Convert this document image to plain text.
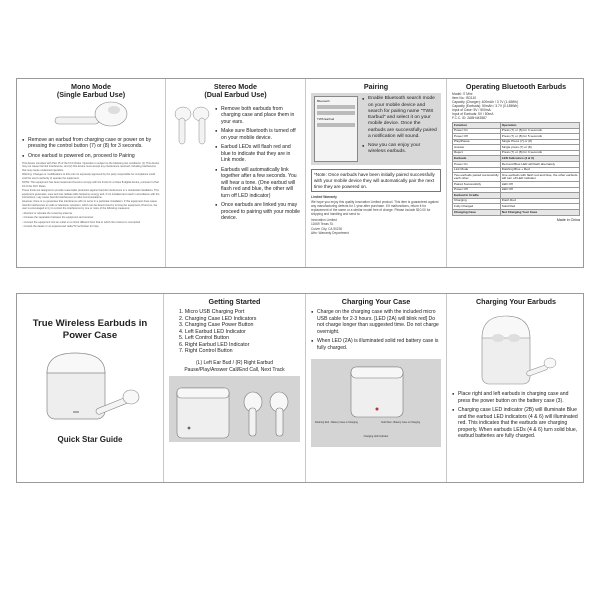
Mono Mode
(Single Earbud Use)
● Remove an earbud from charging case or power on by pressing the control button (7) or (8) for 3 seconds.
● Once earbud is powered on, proceed to Pairing

This device complies with Part 15 of the FCC Rules. Operation is subject to the following two conditions: (1) This device may not cause harmful interference, and (2) this device must accept any interference received, including interference that may cause undesired operation.

Warning: Changes or modifications to this unit not expressly approved by the party responsible for compliance could void the user's authority to operate the equipment.

NOTE: This equipment has been tested and found to comply with the limits for a Class B digital device, pursuant to Part 15 of the FCC Rules.

These limits are designed to provide reasonable protection against harmful interference in a residential installation. This equipment generates, uses and can radiate radio frequency energy and, if not installed and used in accordance with the instructions, may cause harmful interference to radio communications.

However, there is no guarantee that interference will not occur in a particular installation. If this equipment does cause harmful interference to radio or television reception, which can be determined by turning the equipment off and on, the user is encouraged to try to correct the interference by one or more of the following measures:

- Reorient or relocate the receiving antenna.

- Increase the separation between the equipment and receiver.

- Connect the equipment into an outlet on a circuit different from that to which the receiver is connected.

- Consult the dealer or an experienced radio/TV technician for help.

Stereo Mode
(Dual Earbud Use)
● Remove both earbuds from charging case and place them in your ears.
● Make sure Bluetooth is turned off on your mobile device.
● Earbud LEDs will flash red and blue to indicate that they are in Link mode.
● Earbuds will automatically link together after a few seconds. You will hear a tone. (One earbud will flash red and blue, the other will turn off LED indicator)
● Once earbuds are linked you may proceed to pairing with your mobile device.
Pairing
Bluetooth
TWS Earbud
● Enable Bluetooth search mode on your mobile device and search for pairing name "TWS Earbud" and select it on your mobile device. Once the earbuds are successfully paired a notification will sound.
● Now you can enjoy your wireless earbuds.
*Note: Once earbuds have been initially paired successfully with your mobile device they will automatically pair the next time they are powered on.
Limited Warranty
We hope you enjoy this quality Innovation Limited product. This item is guaranteed against any manufacturing defects for 1 year after purchase. If it malfunctions, return it for replacement of the same or a similar model free of charge. Please include $10.00 for shipping and handling and send to:
Innovation Limited
11669 Texas St.
Culver City, CA 90230
Attn: Warranty Department
Operating Bluetooth Earbuds
Model: i7 Mini
Item No.: BD110
Capacity (Charger): 400mAh / 3.7V (1.48Wh)
Capacity (Earbuds): 50mAh / 3.7V (0.185Wh)
Input of Case: 5V / 500mA
Input of Earbuds: 5V / 50mA
F.C.C. ID: 2ABH443587
Function	Operation
Power On	Press (7) or (8) for 3 seconds
Power Off	Press (7) or (8) for 5 seconds
Play/Pause	Single Press (7) or (8)
Answer	Single press (7) or (8)
Reject	Press (7) or (8) for 3 seconds
Earbuds	LED Indicators (4 & 6)
Power On	Red and Blue LED will flash alternately
Link Mode	Flashing Blue + Red
Two earbuds paired successfully each other	One earbuds with flash red and blue, the other earbuds will turn off LED indicator
Paired Successfully	LED Off
Power Off	LED Off
Earbud in Cradle	
Charging	Flash Red
Fully Charged	Solid Red
Charging Case	Not Charging Your Case
Made in China
True Wireless Earbuds in
Power Case
Quick Star Guide
Getting Started
1. Micro USB Charging Port
2. Charging Case LED Indicators
3. Charging Case Power Button
4. Left Earbud LED Indicator
5. Left Control Button
6. Right Earbud LED Indicator
7. Right Control Button
(L) Left Ear Bud / (R) Right Earbud
Pause/Play/Answer Call/End Call, Next Track
Charging Your Case
● Charge on the charging case with the included micro USB cable for 2-3 hours. [LED (2A) will blink red] Do not charge longer than suggested time. Do not charge overnight.
● When LED (2A) is illuminated solid red battery case is fully charged.
Flashing Red - Battery Case is Charging	Solid Red - Battery Case is Charging
Charging LED Indicator
Charging Your Earbuds
● Place right and left earbuds in charging case and press the power button on the battery case (3).
● Charging case LED indicator (2B) will illuminate Blue and the earbud LED indicators (4 & 6) will illuminated red. This indicates that the earbuds are charging properly. When earbuds LEDs (4 & 6) turn solid blue, earbud batteries are fully charged.
